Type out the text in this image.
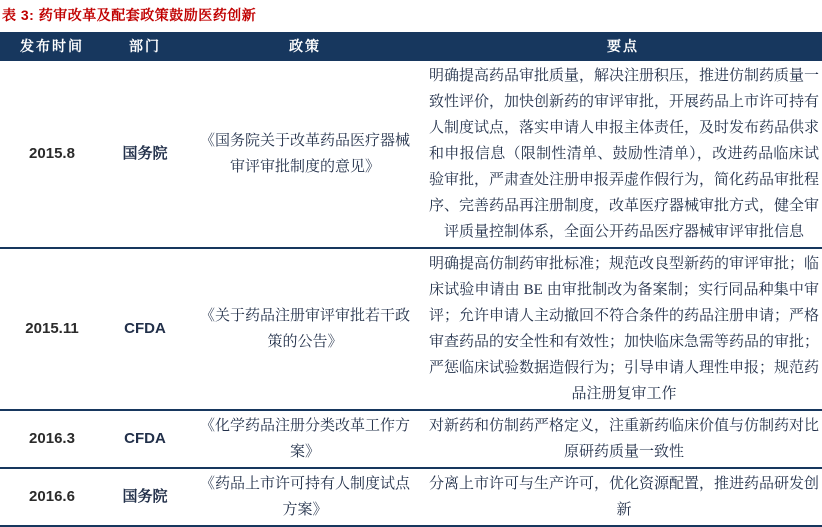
表 3: 药审改革及配套政策鼓励医药创新
发布时间	部门	政策	要点
2015.8	国务院	《国务院关于改革药品医疗器械审评审批制度的意见》	明确提高药品审批质量，解决注册积压，推进仿制药质量一致性评价，加快创新药的审评审批，开展药品上市许可持有人制度试点，落实申请人申报主体责任，及时发布药品供求和申报信息（限制性清单、鼓励性清单），改进药品临床试验审批，严肃查处注册申报弄虚作假行为，简化药品审批程序、完善药品再注册制度，改革医疗器械审批方式，健全审评质量控制体系，全面公开药品医疗器械审评审批信息
2015.11	CFDA	《关于药品注册审评审批若干政策的公告》	明确提高仿制药审批标准；规范改良型新药的审评审批；临床试验申请由 BE 由审批制改为备案制；实行同品种集中审评；允许申请人主动撤回不符合条件的药品注册申请；严格审查药品的安全性和有效性；加快临床急需等药品的审批；严惩临床试验数据造假行为；引导申请人理性申报；规范药品注册复审工作
2016.3	CFDA	《化学药品注册分类改革工作方案》	对新药和仿制药严格定义，注重新药临床价值与仿制药对比原研药质量一致性
2016.6	国务院	《药品上市许可持有人制度试点方案》	分离上市许可与生产许可，优化资源配置，推进药品研发创新
